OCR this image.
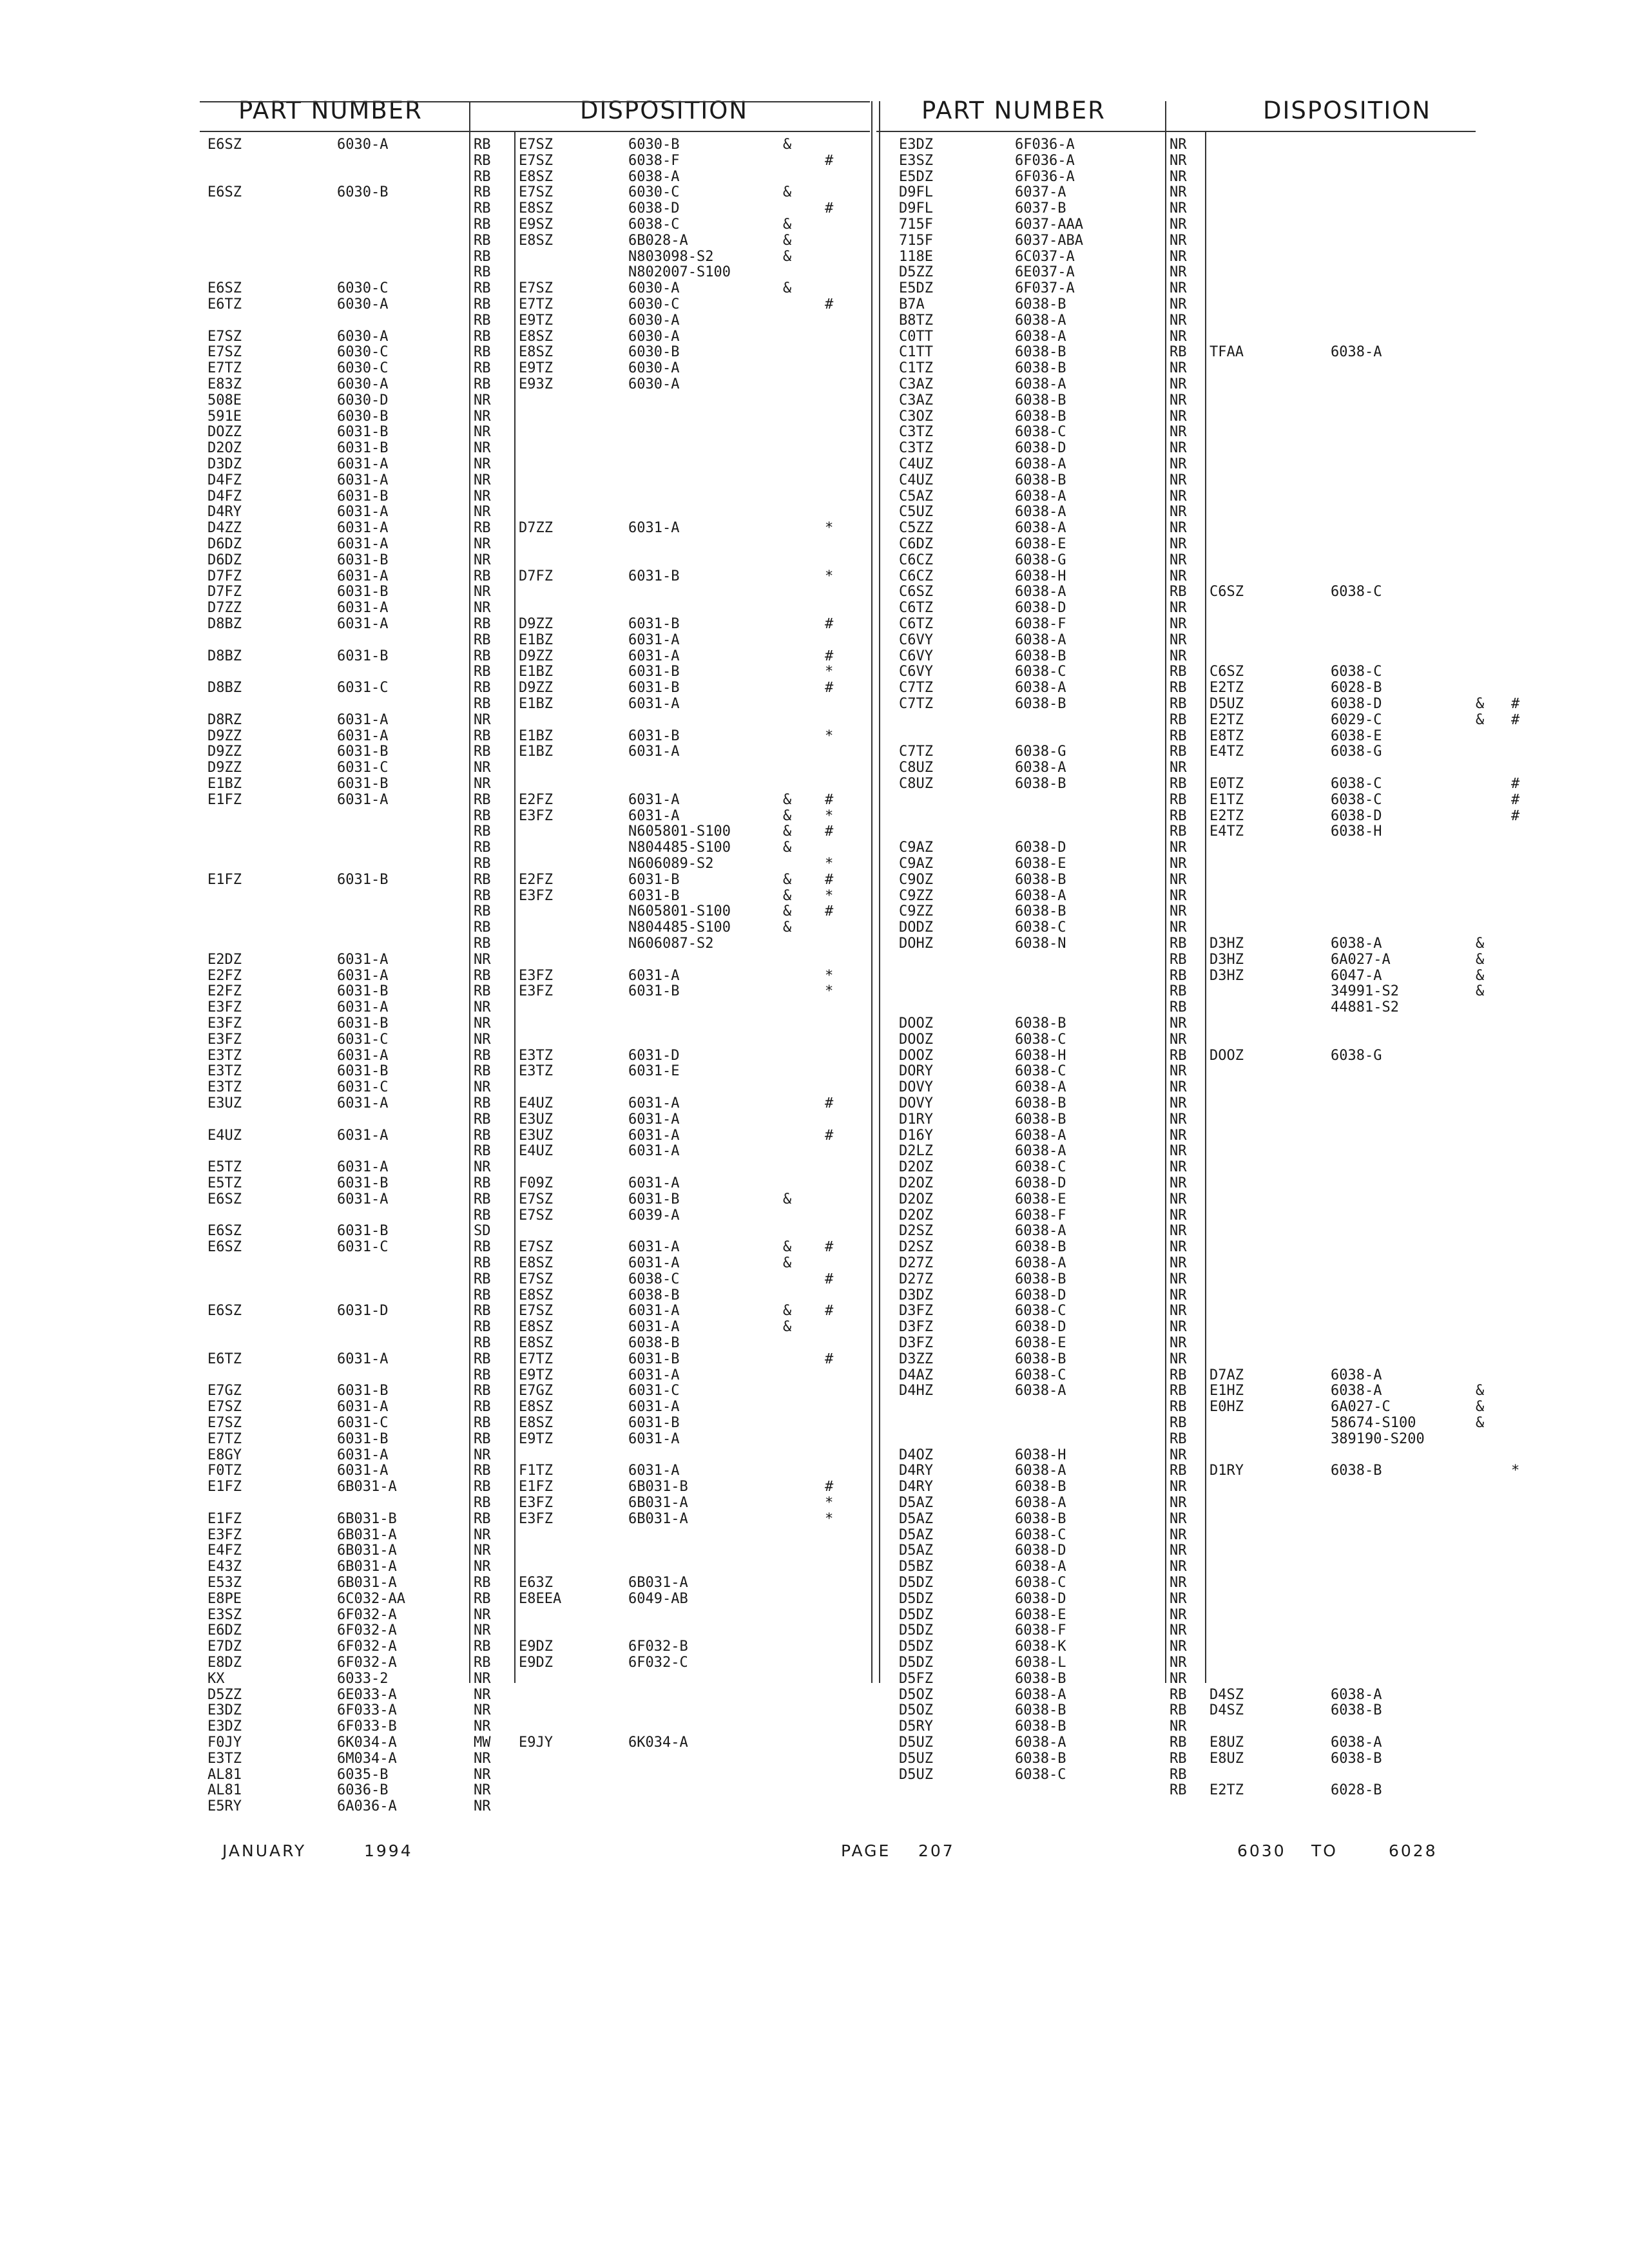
PART NUMBER	DISPOSITION	PART NUMBER	DISPOSITION
E6SZ	6030-A	RB E7SZ	6030-B	&
RB E7SZ	6038-F	#
RB E8SZ	6038-A
E6SZ	6030-B	RB E7SZ	6030-C	&
RB E8SZ	6038-D	#
RB E9SZ	6038-C	&
RB E8SZ	6B028-A	&
RB	N803098-S2	&
RB	N802007-S100
E6SZ	6030-C	RB E7SZ	6030-A	&
E6TZ	6030-A	RB E7TZ	6030-C	#
RB E9TZ	6030-A
E7SZ	6030-A	RB E8SZ	6030-A
E7SZ	6030-C	RB E8SZ	6030-B
E7TZ	6030-C	RB E9TZ	6030-A
E83Z	6030-A	RB E93Z	6030-A
508E	6030-D	NR
591E	6030-B	NR
DOZZ	6031-B	NR
D2OZ	6031-B	NR
D3DZ	6031-A	NR
D4FZ	6031-A	NR
D4FZ	6031-B	NR
D4RY	6031-A	NR
D4ZZ	6031-A	RB D7ZZ	6031-A	*
D6DZ	6031-A	NR
D6DZ	6031-B	NR
D7FZ	6031-A	RB D7FZ	6031-B	*
D7FZ	6031-B	NR
D7ZZ	6031-A	NR
D8BZ	6031-A	RB D9ZZ	6031-B	#
RB E1BZ	6031-A
D8BZ	6031-B	RB D9ZZ	6031-A	#
RB E1BZ	6031-B	*
D8BZ	6031-C	RB D9ZZ	6031-B	#
RB E1BZ	6031-A
D8RZ	6031-A	NR
D9ZZ	6031-A	RB E1BZ	6031-B	*
D9ZZ	6031-B	RB E1BZ	6031-A
D9ZZ	6031-C	NR
E1BZ	6031-B	NR
E1FZ	6031-A	RB E2FZ	6031-A	& #
RB E3FZ	6031-A	& *
RB	N605801-S100	& #
RB	N804485-S100	&
RB	N606089-S2	*
E1FZ	6031-B	RB E2FZ	6031-B	& #
RB E3FZ	6031-B	& *
RB	N605801-S100	& #
RB	N804485-S100	&
RB	N606087-S2
E2DZ	6031-A	NR
E2FZ	6031-A	RB E3FZ	6031-A	*
E2FZ	6031-B	RB E3FZ	6031-B	*
E3FZ	6031-A	NR
E3FZ	6031-B	NR
E3FZ	6031-C	NR
E3TZ	6031-A	RB E3TZ	6031-D
E3TZ	6031-B	RB E3TZ	6031-E
E3TZ	6031-C	NR
E3UZ	6031-A	RB E4UZ	6031-A	#
RB E3UZ	6031-A
E4UZ	6031-A	RB E3UZ	6031-A	#
RB E4UZ	6031-A
E5TZ	6031-A	NR
E5TZ	6031-B	RB F09Z	6031-A
E6SZ	6031-A	RB E7SZ	6031-B	&
RB E7SZ	6039-A
E6SZ	6031-B	SD
E6SZ	6031-C	RB E7SZ	6031-A	& #
RB E8SZ	6031-A	&
RB E7SZ	6038-C	#
RB E8SZ	6038-B
E6SZ	6031-D	RB E7SZ	6031-A	& #
RB E8SZ	6031-A	&
RB E8SZ	6038-B
E6TZ	6031-A	RB E7TZ	6031-B	#
RB E9TZ	6031-A
E7GZ	6031-B	RB E7GZ	6031-C
E7SZ	6031-A	RB E8SZ	6031-A
E7SZ	6031-C	RB E8SZ	6031-B
E7TZ	6031-B	RB E9TZ	6031-A
E8GY	6031-A	NR
F0TZ	6031-A	RB F1TZ	6031-A
E1FZ	6B031-A	RB E1FZ	6B031-B	#
RB E3FZ	6B031-A	*
E1FZ	6B031-B	RB E3FZ	6B031-A	*
E3FZ	6B031-A	NR
E4FZ	6B031-A	NR
E43Z	6B031-A	NR
E53Z	6B031-A	RB E63Z	6B031-A
E8PE	6C032-AA	RB E8EEA	6049-AB
E3SZ	6F032-A	NR
E6DZ	6F032-A	NR
E7DZ	6F032-A	RB E9DZ	6F032-B
E8DZ	6F032-A	RB E9DZ	6F032-C
KX	6033-2	NR
D5ZZ	6E033-A	NR
E3DZ	6F033-A	NR
E3DZ	6F033-B	NR
F0JY	6K034-A	MW E9JY	6K034-A
E3TZ	6M034-A	NR
AL81	6035-B	NR
AL81	6036-B	NR
E5RY	6A036-A	NR
E3DZ	6F036-A	NR
E3SZ	6F036-A	NR
E5DZ	6F036-A	NR
D9FL	6037-A	NR
D9FL	6037-B	NR
715F	6037-AAA	NR
715F	6037-ABA	NR
118E	6C037-A	NR
D5ZZ	6E037-A	NR
E5DZ	6F037-A	NR
B7A	6038-B	NR
B8TZ	6038-A	NR
C0TT	6038-A	NR
C1TT	6038-B	RB TFAA	6038-A
C1TZ	6038-B	NR
C3AZ	6038-A	NR
C3AZ	6038-B	NR
C3OZ	6038-B	NR
C3TZ	6038-C	NR
C3TZ	6038-D	NR
C4UZ	6038-A	NR
C4UZ	6038-B	NR
C5AZ	6038-A	NR
C5UZ	6038-A	NR
C5ZZ	6038-A	NR
C6DZ	6038-E	NR
C6CZ	6038-G	NR
C6CZ	6038-H	NR
C6SZ	6038-A	RB C6SZ	6038-C
C6TZ	6038-D	NR
C6TZ	6038-F	NR
C6VY	6038-A	NR
C6VY	6038-B	NR
C6VY	6038-C	RB C6SZ	6038-C
C7TZ	6038-A	RB E2TZ	6028-B
C7TZ	6038-B	RB D5UZ	6038-D	& #
RB E2TZ	6029-C	& #
RB E8TZ	6038-E
C7TZ	6038-G	RB E4TZ	6038-G
C8UZ	6038-A	NR
C8UZ	6038-B	RB E0TZ	6038-C	#
RB E1TZ	6038-C	#
RB E2TZ	6038-D	#
RB E4TZ	6038-H
C9AZ	6038-D	NR
C9AZ	6038-E	NR
C9OZ	6038-B	NR
C9ZZ	6038-A	NR
C9ZZ	6038-B	NR
DODZ	6038-C	NR
DOHZ	6038-N	RB D3HZ	6038-A	&
RB D3HZ	6A027-A	&
RB D3HZ	6047-A	&
RB	34991-S2	&
RB	44881-S2
DOOZ	6038-B	NR
DOOZ	6038-C	NR
DOOZ	6038-H	RB DOOZ	6038-G
DORY	6038-C	NR
DOVY	6038-A	NR
DOVY	6038-B	NR
D1RY	6038-B	NR
D16Y	6038-A	NR
D2LZ	6038-A	NR
D2OZ	6038-C	NR
D2OZ	6038-D	NR
D2OZ	6038-E	NR
D2OZ	6038-F	NR
D2SZ	6038-A	NR
D2SZ	6038-B	NR
D27Z	6038-A	NR
D27Z	6038-B	NR
D3DZ	6038-D	NR
D3FZ	6038-C	NR
D3FZ	6038-D	NR
D3FZ	6038-E	NR
D3ZZ	6038-B	NR
D4AZ	6038-C	RB D7AZ	6038-A
D4HZ	6038-A	RB E1HZ	6038-A	&
RB E0HZ	6A027-C	&
RB	58674-S100	&
RB	389190-S200
D4OZ	6038-H	NR
D4RY	6038-A	RB D1RY	6038-B	*
D4RY	6038-B	NR
D5AZ	6038-A	NR
D5AZ	6038-B	NR
D5AZ	6038-C	NR
D5AZ	6038-D	NR
D5BZ	6038-A	NR
D5DZ	6038-C	NR
D5DZ	6038-D	NR
D5DZ	6038-E	NR
D5DZ	6038-F	NR
D5DZ	6038-K	NR
D5DZ	6038-L	NR
D5FZ	6038-B	NR
D5OZ	6038-A	RB D4SZ	6038-A
D5OZ	6038-B	RB D4SZ	6038-B
D5RY	6038-B	NR
D5UZ	6038-A	RB E8UZ	6038-A
D5UZ	6038-B	RB E8UZ	6038-B
D5UZ	6038-C	RB
RB E2TZ	6028-B
JANUARY	1994	PAGE 207	6030 TO	6028
